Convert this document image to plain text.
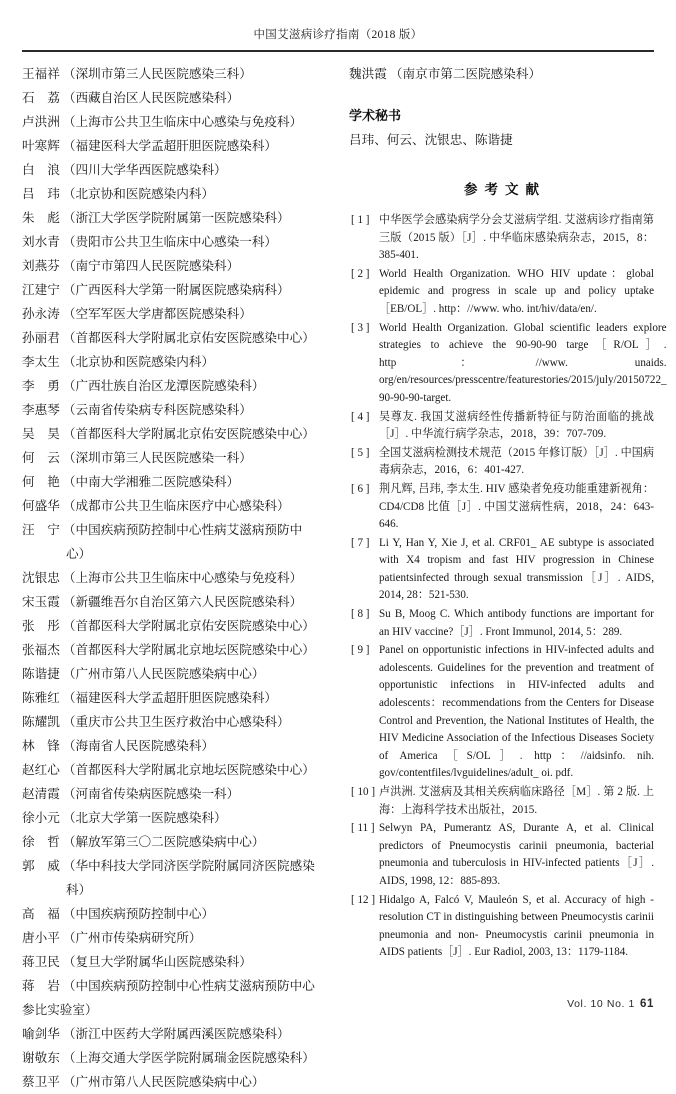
中国艾滋病诊疗指南（2018 版）
王福祥 （深圳市第三人民医院感染三科）
石　荔 （西藏自治区人民医院感染科）
卢洪洲 （上海市公共卫生临床中心感染与免疫科）
叶寒辉 （福建医科大学孟超肝胆医院感染科）
白　浪 （四川大学华西医院感染科）
吕　玮 （北京协和医院感染内科）
朱　彪 （浙江大学医学院附属第一医院感染科）
刘水青 （贵阳市公共卫生临床中心感染一科）
刘燕芬 （南宁市第四人民医院感染科）
江建宁 （广西医科大学第一附属医院感染病科）
孙永涛 （空军军医大学唐都医院感染科）
孙丽君 （首都医科大学附属北京佑安医院感染中心）
李太生 （北京协和医院感染内科）
李　勇 （广西壮族自治区龙潭医院感染科）
李惠琴 （云南省传染病专科医院感染科）
吴　昊 （首都医科大学附属北京佑安医院感染中心）
何　云 （深圳市第三人民医院感染一科）
何　艳 （中南大学湘雅二医院感染科）
何盛华 （成都市公共卫生临床医疗中心感染科）
汪　宁 （中国疾病预防控制中心性病艾滋病预防中
心）
沈银忠 （上海市公共卫生临床中心感染与免疫科）
宋玉霞 （新疆维吾尔自治区第六人民医院感染科）
张　彤 （首都医科大学附属北京佑安医院感染中心）
张福杰 （首都医科大学附属北京地坛医院感染中心）
陈谐捷 （广州市第八人民医院感染病中心）
陈雅红 （福建医科大学孟超肝胆医院感染科）
陈耀凯 （重庆市公共卫生医疗救治中心感染科）
林　锋 （海南省人民医院感染科）
赵红心 （首都医科大学附属北京地坛医院感染中心）
赵清霞 （河南省传染病医院感染一科）
徐小元 （北京大学第一医院感染科）
徐　哲 （解放军第三〇二医院感染病中心）
郭　威 （华中科技大学同济医学院附属同济医院感染
科）
高　福 （中国疾病预防控制中心）
唐小平 （广州市传染病研究所）
蒋卫民 （复旦大学附属华山医院感染科）
蒋　岩 （中国疾病预防控制中心性病艾滋病预防中心
参比实验室）
喻剑华 （浙江中医药大学附属西溪医院感染科）
谢敬东 （上海交通大学医学院附属瑞金医院感染科）
蔡卫平 （广州市第八人民医院感染病中心）
魏洪霞 （南京市第二医院感染科）
学术秘书
吕玮、何云、沈银忠、陈谐捷
参考文献
[ 1 ] 中华医学会感染病学分会艾滋病学组. 艾滋病诊疗指南第三版（2015 版）［J］. 中华临床感染病杂志，2015，8：385-401.
[ 2 ] World Health Organization. WHO HIV update：global epidemic and progress in scale up and policy uptake［EB/OL］. http：//www. who. int/hiv/data/en/.
[ 3 ] World Health Organization. Global scientific leaders explore strategies to achieve the 90-90-90 targe［R/OL］. http：//www. unaids. org/en/resources/presscentre/featurestories/2015/july/20150722_ 90-90-90-target.
[ 4 ] 吴尊友. 我国艾滋病经性传播新特征与防治面临的挑战［J］. 中华流行病学杂志，2018，39：707-709.
[ 5 ] 全国艾滋病检测技术规范（2015 年修订版）［J］. 中国病毒病杂志，2016，6：401-427.
[ 6 ] 荆凡辉, 吕玮, 李太生. HIV 感染者免疫功能重建新视角：CD4/CD8 比值［J］. 中国艾滋病性病，2018，24：643-646.
[ 7 ] Li Y, Han Y, Xie J, et al. CRF01_ AE subtype is associated with X4 tropism and fast HIV progression in Chinese patientsinfected through sexual transmission［J］. AIDS, 2014, 28：521-530.
[ 8 ] Su B, Moog C. Which antibody functions are important for an HIV vaccine?［J］. Front Immunol, 2014, 5：289.
[ 9 ] Panel on opportunistic infections in HIV-infected adults and adolescents. Guidelines for the prevention and treatment of opportunistic infections in HIV-infected adults and adolescents：recommendations from the Centers for Disease Control and Prevention, the National Institutes of Health, the HIV Medicine Association of the Infectious Diseases Society of America［S/OL］. http：//aidsinfo. nih. gov/contentfiles/lvguidelines/adult_ oi. pdf.
[ 10 ] 卢洪洲. 艾滋病及其相关疾病临床路径［M］. 第 2 版. 上海：上海科学技术出版社，2015.
[ 11 ] Selwyn PA, Pumerantz AS, Durante A, et al. Clinical predictors of Pneumocystis carinii pneumonia, bacterial pneumonia and tuberculosis in HIV-infected patients［J］. AIDS, 1998, 12：885-893.
[ 12 ] Hidalgo A, Falcó V, Mauleón S, et al. Accuracy of high -resolution CT in distinguishing between Pneumocystis carinii pneumonia and non- Pneumocystis carinii pneumonia in AIDS patients［J］. Eur Radiol, 2003, 13：1179-1184.
Vol. 10 No. 1 61
